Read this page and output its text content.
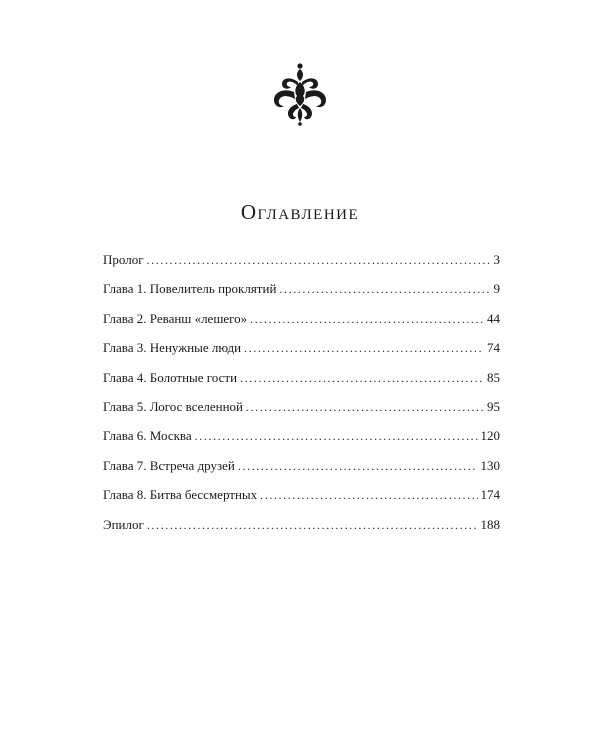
Оглавление
Пролог .....	3
Глава 1. Повелитель проклятий .....	9
Глава 2. Реванш «лешего» .....	44
Глава 3. Ненужные люди .....	74
Глава 4. Болотные гости .....	85
Глава 5. Логос вселенной .....	95
Глава 6. Москва .....	120
Глава 7. Встреча друзей .....	130
Глава 8. Битва бессмертных .....	174
Эпилог .....	188
